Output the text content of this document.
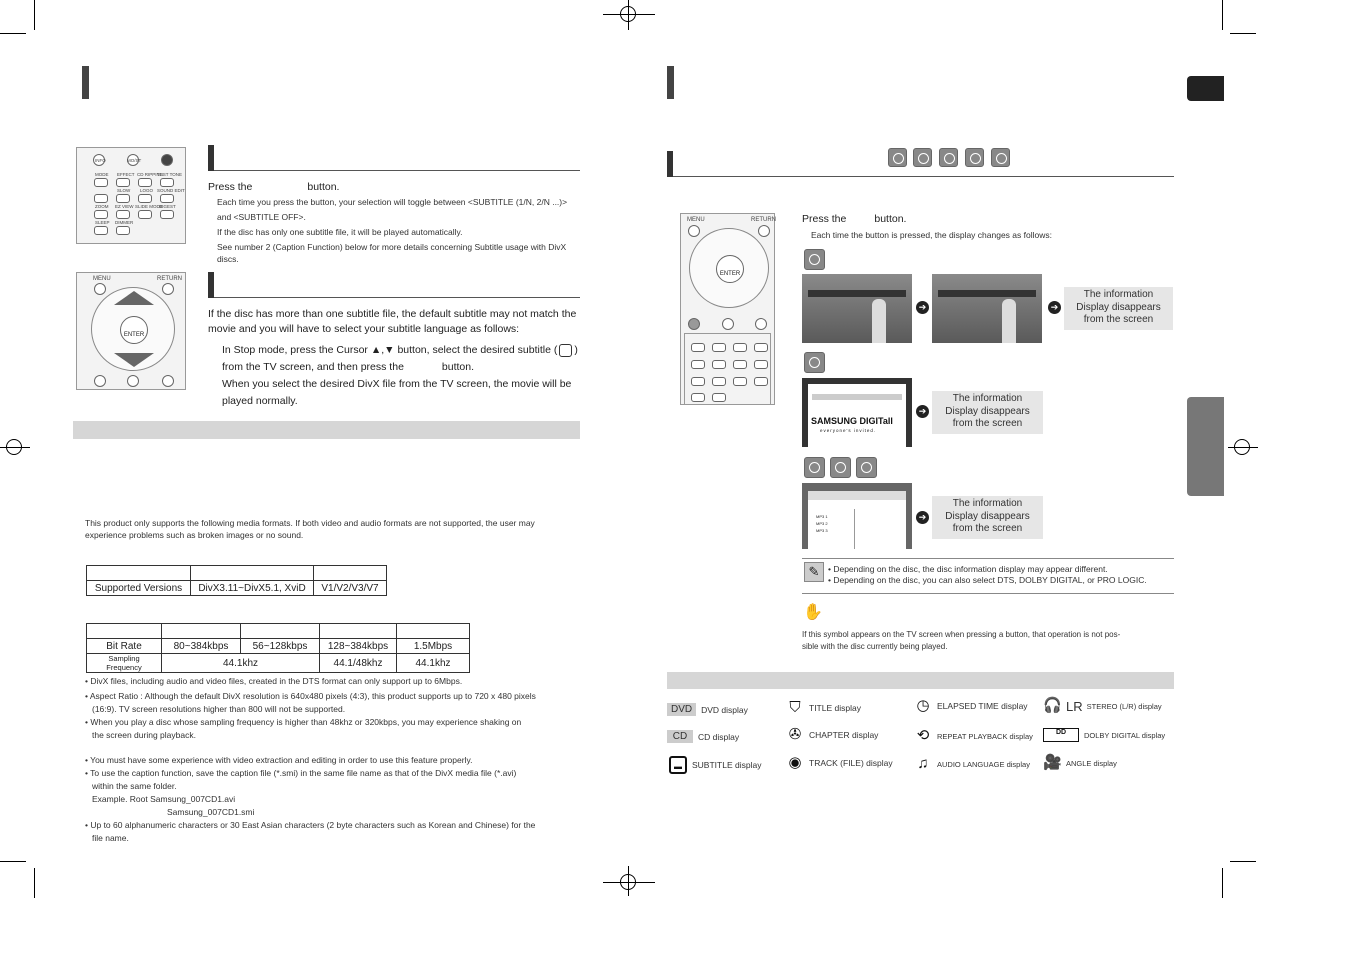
INFO	MO/ST
MODE EFFECT CD RIPPING
TEST TONE
SLOW LOGO SOUND EDIT
ZOOM EZ VIEW SLIDE MODE
DIGEST
SLEEP DIMMER
Press the	button.
Each time you press the button, your selection will toggle between <SUBTITLE (1/N, 2/N ...)>
and <SUBTITLE OFF>.
If the disc has only one subtitle file, it will be played automatically.
See number 2 (Caption Function) below for more details concerning Subtitle usage with DivX
discs.
MENU	RETURN
ENTER
If the disc has more than one subtitle file, the default subtitle may not match the
movie and you will have to select your subtitle language as follows:
In Stop mode, press the Cursor ▲,▼ button, select the desired subtitle ( )
from the TV screen, and then press the	button.
When you select the desired DivX file from the TV screen, the movie will be
played normally.
This product only supports the following media formats. If both video and audio formats are not supported, the user may
experience problems such as broken images or no sound.

Supported Versions	DivX3.11~DivX5.1, XviD	V1/V2/V3/V7

Bit Rate	80~384kbps	56~128kbps	128~384kbps	1.5Mbps
Sampling Frequency	44.1khz		44.1/48khz	44.1khz
• DivX files, including audio and video files, created in the DTS format can only support up to 6Mbps.
• Aspect Ratio : Although the default DivX resolution is 640x480 pixels (4:3), this product supports up to 720 x 480 pixels
(16:9). TV screen resolutions higher than 800 will not be supported.
• When you play a disc whose sampling frequency is higher than 48khz or 320kbps, you may experience shaking on
the screen during playback.
• You must have some experience with video extraction and editing in order to use this feature properly.
• To use the caption function, save the caption file (*.smi) in the same file name as that of the DivX media file (*.avi)
within the same folder.
Example. Root Samsung_007CD1.avi
Samsung_007CD1.smi
• Up to 60 alphanumeric characters or 30 East Asian characters (2 byte characters such as Korean and Chinese) for the
file name.
MENU	RETURN
ENTER
Press the	button.
Each time the button is pressed, the display changes as follows:
➔	➔
The information
Display disappears
from the screen
SAMSUNG DIGITall
everyone's invited.
➔
The information
Display disappears
from the screen
MP3 1
MP3 2
MP3 3
➔
The information
Display disappears
from the screen
✎	• Depending on the disc, the disc information display may appear different.
• Depending on the disc, you can also select DTS, DOLBY DIGITAL, or PRO LOGIC.
✋
If this symbol appears on the TV screen when pressing a button, that operation is not pos-
sible with the disc currently being played.
DVD	DVD display
CD	CD display
▬	SUBTITLE display
⛉ TITLE display
✇ CHAPTER display
◉ TRACK (FILE) display
◷ ELAPSED TIME display
⟲	REPEAT PLAYBACK display
♫	AUDIO LANGUAGE display
🎧 LR STEREO (L/R) display
DD	DOLBY DIGITAL display
🎥 ANGLE display
